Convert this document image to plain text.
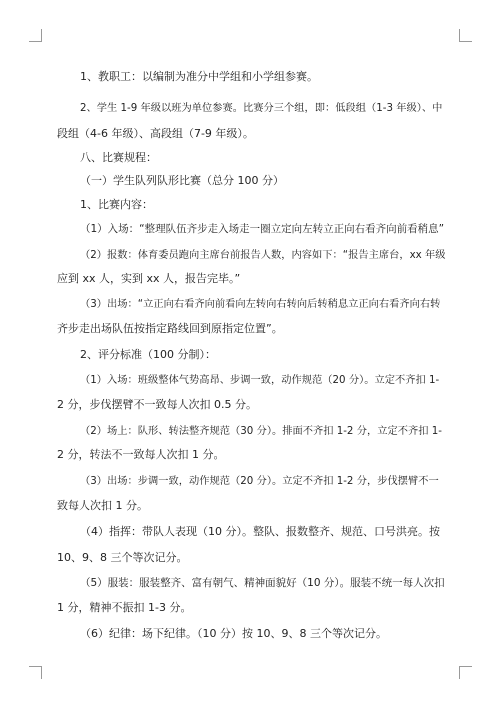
1、教职工：以编制为准分中学组和小学组参赛。
2、学生 1-9 年级以班为单位参赛。比赛分三个组，即：低段组（1-3 年级）、中
段组（4-6 年级）、高段组（7-9 年级）。
八、比赛规程：
（一）学生队列队形比赛（总分 100 分）
1、比赛内容：
（1）入场：“整理队伍齐步走入场走一圈立定向左转立正向右看齐向前看稍息”
（2）报数：体育委员跑向主席台前报告人数，内容如下：“报告主席台，xx 年级
应到 xx 人，实到 xx 人，报告完毕。”
（3）出场：“立正向右看齐向前看向左转向右转向后转稍息立正向右看齐向右转
齐步走出场队伍按指定路线回到原指定位置”。
2、评分标准（100 分制）：
（1）入场：班级整体气势高昂、步调一致，动作规范（20 分）。立定不齐扣 1-
2 分，步伐摆臂不一致每人次扣 0.5 分。
（2）场上：队形、转法整齐规范（30 分）。排面不齐扣 1-2 分，立定不齐扣 1-
2 分，转法不一致每人次扣 1 分。
（3）出场：步调一致，动作规范（20 分）。立定不齐扣 1-2 分，步伐摆臂不一
致每人次扣 1 分。
（4）指挥：带队人表现（10 分）。整队、报数整齐、规范、口号洪亮。按
10、9、8 三个等次记分。
（5）服装：服装整齐、富有朝气、精神面貌好（10 分）。服装不统一每人次扣
1 分，精神不振扣 1-3 分。
（6）纪律：场下纪律。（10 分）按 10、9、8 三个等次记分。
